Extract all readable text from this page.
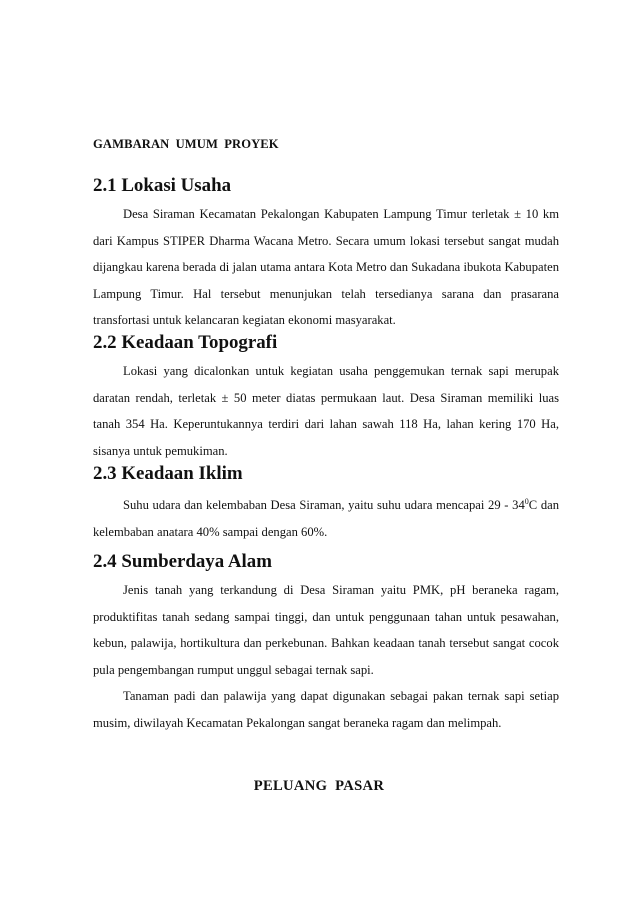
GAMBARAN UMUM PROYEK
2.1 Lokasi Usaha

Desa Siraman Kecamatan Pekalongan Kabupaten Lampung Timur terletak ± 10 km dari Kampus STIPER Dharma Wacana Metro. Secara umum lokasi tersebut sangat mudah dijangkau karena berada di jalan utama antara Kota Metro dan Sukadana ibukota Kabupaten Lampung Timur. Hal tersebut menunjukan telah tersedianya sarana dan prasarana transfortasi untuk kelancaran kegiatan ekonomi masyarakat.

2.2 Keadaan Topografi

Lokasi yang dicalonkan untuk kegiatan usaha penggemukan ternak sapi merupak daratan rendah, terletak ± 50 meter diatas permukaan laut. Desa Siraman memiliki luas tanah 354 Ha. Keperuntukannya terdiri dari lahan sawah 118 Ha, lahan kering 170 Ha, sisanya untuk pemukiman.

2.3 Keadaan Iklim

Suhu udara dan kelembaban Desa Siraman, yaitu suhu udara mencapai $29 - 34^0C$ dan kelembaban anatara 40% sampai dengan 60%.

2.4 Sumberdaya Alam

Jenis tanah yang terkandung di Desa Siraman yaitu PMK, pH beraneka ragam, produktifitas tanah sedang sampai tinggi, dan untuk penggunaan tahan untuk pesawahan, kebun, palawija, hortikultura dan perkebunan. Bahkan keadaan tanah tersebut sangat cocok pula pengembangan rumput unggul sebagai ternak sapi.

Tanaman padi dan palawija yang dapat digunakan sebagai pakan ternak sapi setiap musim, diwilayah Kecamatan Pekalongan sangat beraneka ragam dan melimpah.

PELUANG PASAR
